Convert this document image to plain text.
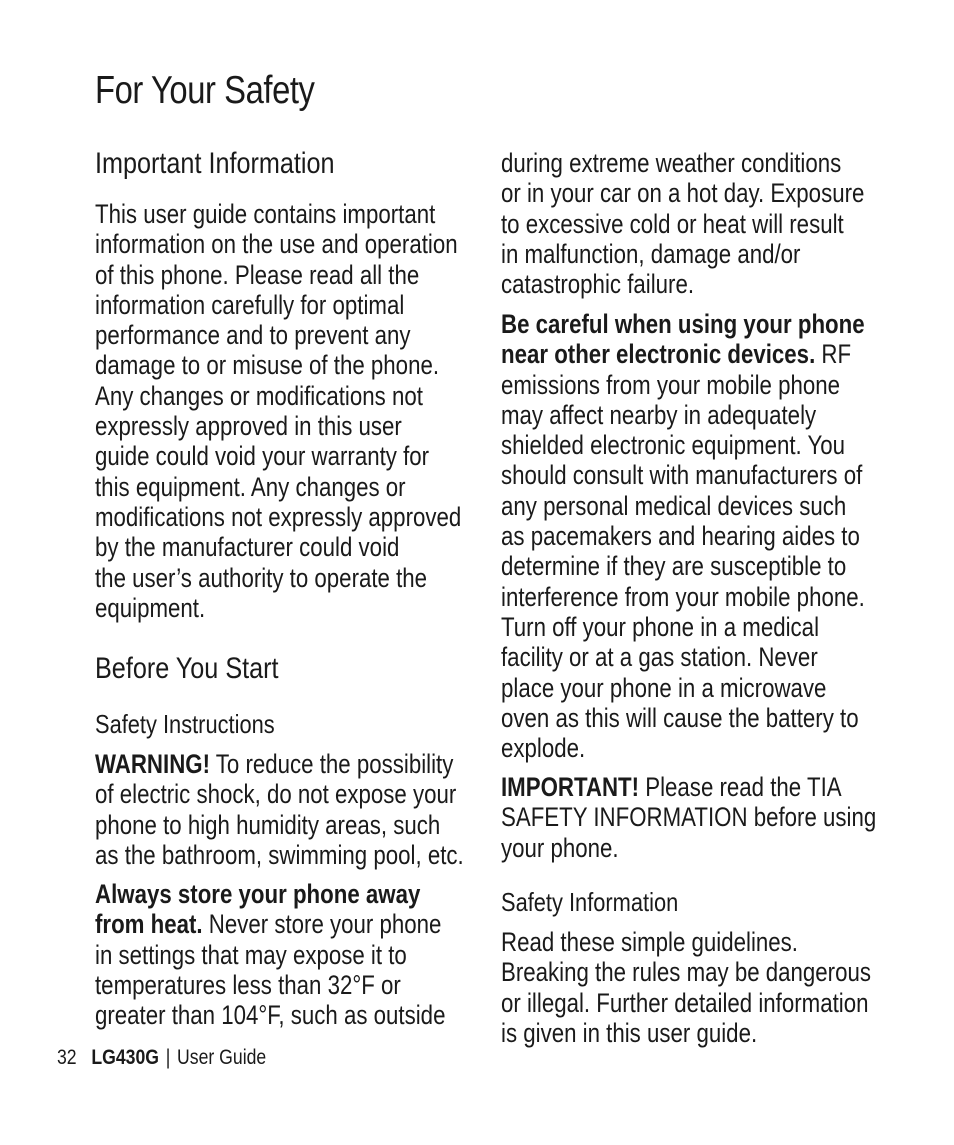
For Your Safety
Important Information
This user guide contains important
information on the use and operation
of this phone. Please read all the
information carefully for optimal
performance and to prevent any
damage to or misuse of the phone.
Any changes or modifications not
expressly approved in this user
guide could void your warranty for
this equipment. Any changes or
modifications not expressly approved
by the manufacturer could void
the user’s authority to operate the
equipment.
Before You Start
Safety Instructions
WARNING! To reduce the possibility
of electric shock, do not expose your
phone to high humidity areas, such
as the bathroom, swimming pool, etc.
Always store your phone away
from heat. Never store your phone
in settings that may expose it to
temperatures less than 32°F or
greater than 104°F, such as outside
during extreme weather conditions
or in your car on a hot day. Exposure
to excessive cold or heat will result
in malfunction, damage and/or
catastrophic failure.
Be careful when using your phone
near other electronic devices. RF
emissions from your mobile phone
may affect nearby in adequately
shielded electronic equipment. You
should consult with manufacturers of
any personal medical devices such
as pacemakers and hearing aides to
determine if they are susceptible to
interference from your mobile phone.
Turn off your phone in a medical
facility or at a gas station. Never
place your phone in a microwave
oven as this will cause the battery to
explode.
IMPORTANT! Please read the TIA
SAFETY INFORMATION before using
your phone.
Safety Information
Read these simple guidelines.
Breaking the rules may be dangerous
or illegal. Further detailed information
is given in this user guide.
32 LG430G | User Guide
